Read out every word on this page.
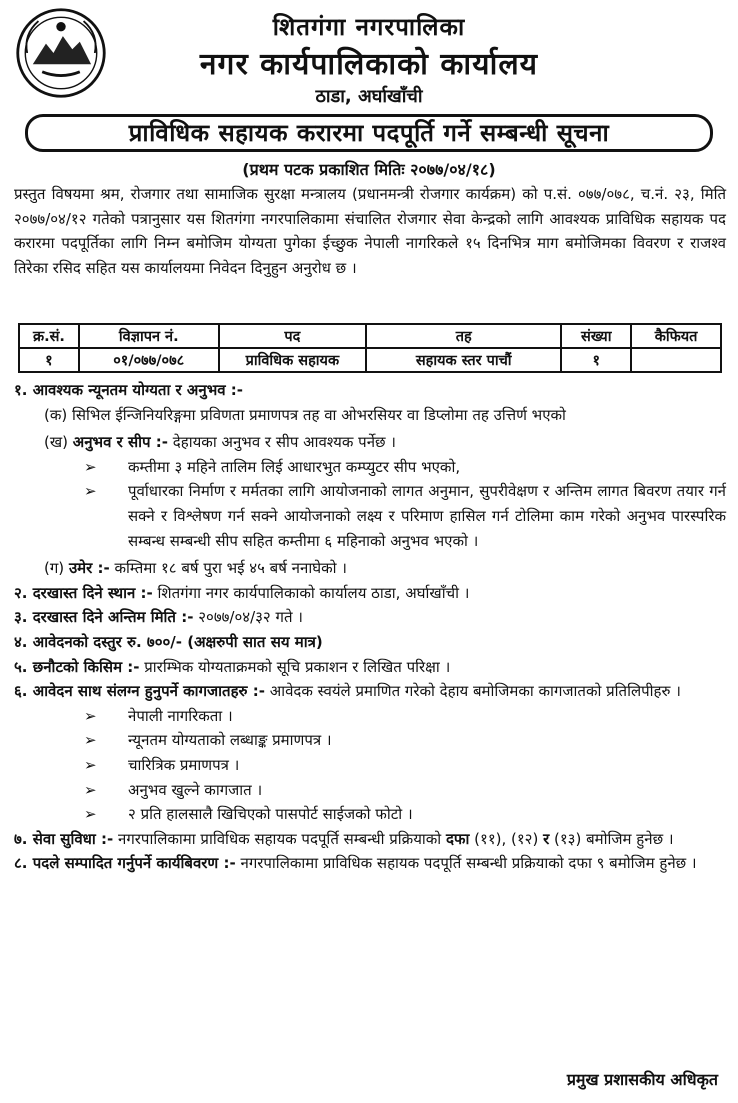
शितगंगा नगरपालिका
नगर कार्यपालिकाको कार्यालय
ठाडा, अर्घाखाँची
प्राविधिक सहायक करारमा पदपूर्ति गर्ने सम्बन्धी सूचना
(प्रथम पटक प्रकाशित मितिः २०७७/०४/१८)
प्रस्तुत विषयमा श्रम, रोजगार तथा सामाजिक सुरक्षा मन्त्रालय (प्रधानमन्त्री रोजगार कार्यक्रम) को प.सं. ०७७/०७८, च.नं. २३, मिति २०७७/०४/१२ गतेको पत्रानुसार यस शितगंगा नगरपालिकामा संचालित रोजगार सेवा केन्द्रको लागि आवश्यक प्राविधिक सहायक पद करारमा पदपूर्तिका लागि निम्न बमोजिम योग्यता पुगेका ईच्छुक नेपाली नागरिकले १५ दिनभित्र माग बमोजिमका विवरण र राजश्व तिरेका रसिद सहित यस कार्यालयमा निवेदन दिनुहुन अनुरोध छ ।
क्र.सं.	विज्ञापन नं.	पद	तह	संख्या	कैफियत
१	०१/०७७/०७८	प्राविधिक सहायक	सहायक स्तर पाचौं	१	
१. आवश्यक न्यूनतम योग्यता र अनुभव :-
(क) सिभिल ईन्जिनियरिङ्गमा प्रविणता प्रमाणपत्र तह वा ओभरसियर वा डिप्लोमा तह उत्तिर्ण भएको
(ख) अनुभव र सीप :- देहायका अनुभव र सीप आवश्यक पर्नेछ ।
➢	कम्तीमा ३ महिने तालिम लिई आधारभुत कम्प्युटर सीप भएको,
➢	पूर्वाधारका निर्माण र मर्मतका लागि आयोजनाको लागत अनुमान, सुपरीवेक्षण र अन्तिम लागत बिवरण तयार गर्न सक्ने र विश्लेषण गर्न सक्ने आयोजनाको लक्ष्य र परिमाण हासिल गर्न टोलिमा काम गरेको अनुभव पारस्परिक सम्बन्ध सम्बन्धी सीप सहित कम्तीमा ६ महिनाको अनुभव भएको ।
(ग) उमेर :- कम्तिमा १८ बर्ष पुरा भई ४५ बर्ष ननाघेको ।
२. दरखास्त दिने स्थान :- शितगंगा नगर कार्यपालिकाको कार्यालय ठाडा, अर्घाखाँची ।
३. दरखास्त दिने अन्तिम मिति :- २०७७/०४/३२ गते ।
४. आवेदनको दस्तुर रु. ७००/- (अक्षरुपी सात सय मात्र)
५. छनौटको किसिम :- प्रारम्भिक योग्यताक्रमको सूचि प्रकाशन र लिखित परिक्षा ।
६. आवेदन साथ संलग्न हुनुपर्ने कागजातहरु :- आवेदक स्वयंले प्रमाणित गरेको देहाय बमोजिमका कागजातको प्रतिलिपीहरु ।
➢	नेपाली नागरिकता ।
➢	न्यूनतम योग्यताको लब्धाङ्क प्रमाणपत्र ।
➢	चारित्रिक प्रमाणपत्र ।
➢	अनुभव खुल्ने कागजात ।
➢	२ प्रति हालसालै खिचिएको पासपोर्ट साईजको फोटो ।
७. सेवा सुविधा :- नगरपालिकामा प्राविधिक सहायक पदपूर्ति सम्बन्धी प्रक्रियाको दफा (११), (१२) र (१३) बमोजिम हुनेछ ।
८. पदले सम्पादित गर्नुपर्ने कार्यबिवरण :- नगरपालिकामा प्राविधिक सहायक पदपूर्ति सम्बन्धी प्रक्रियाको दफा ९ बमोजिम हुनेछ ।
प्रमुख प्रशासकीय अधिकृत
